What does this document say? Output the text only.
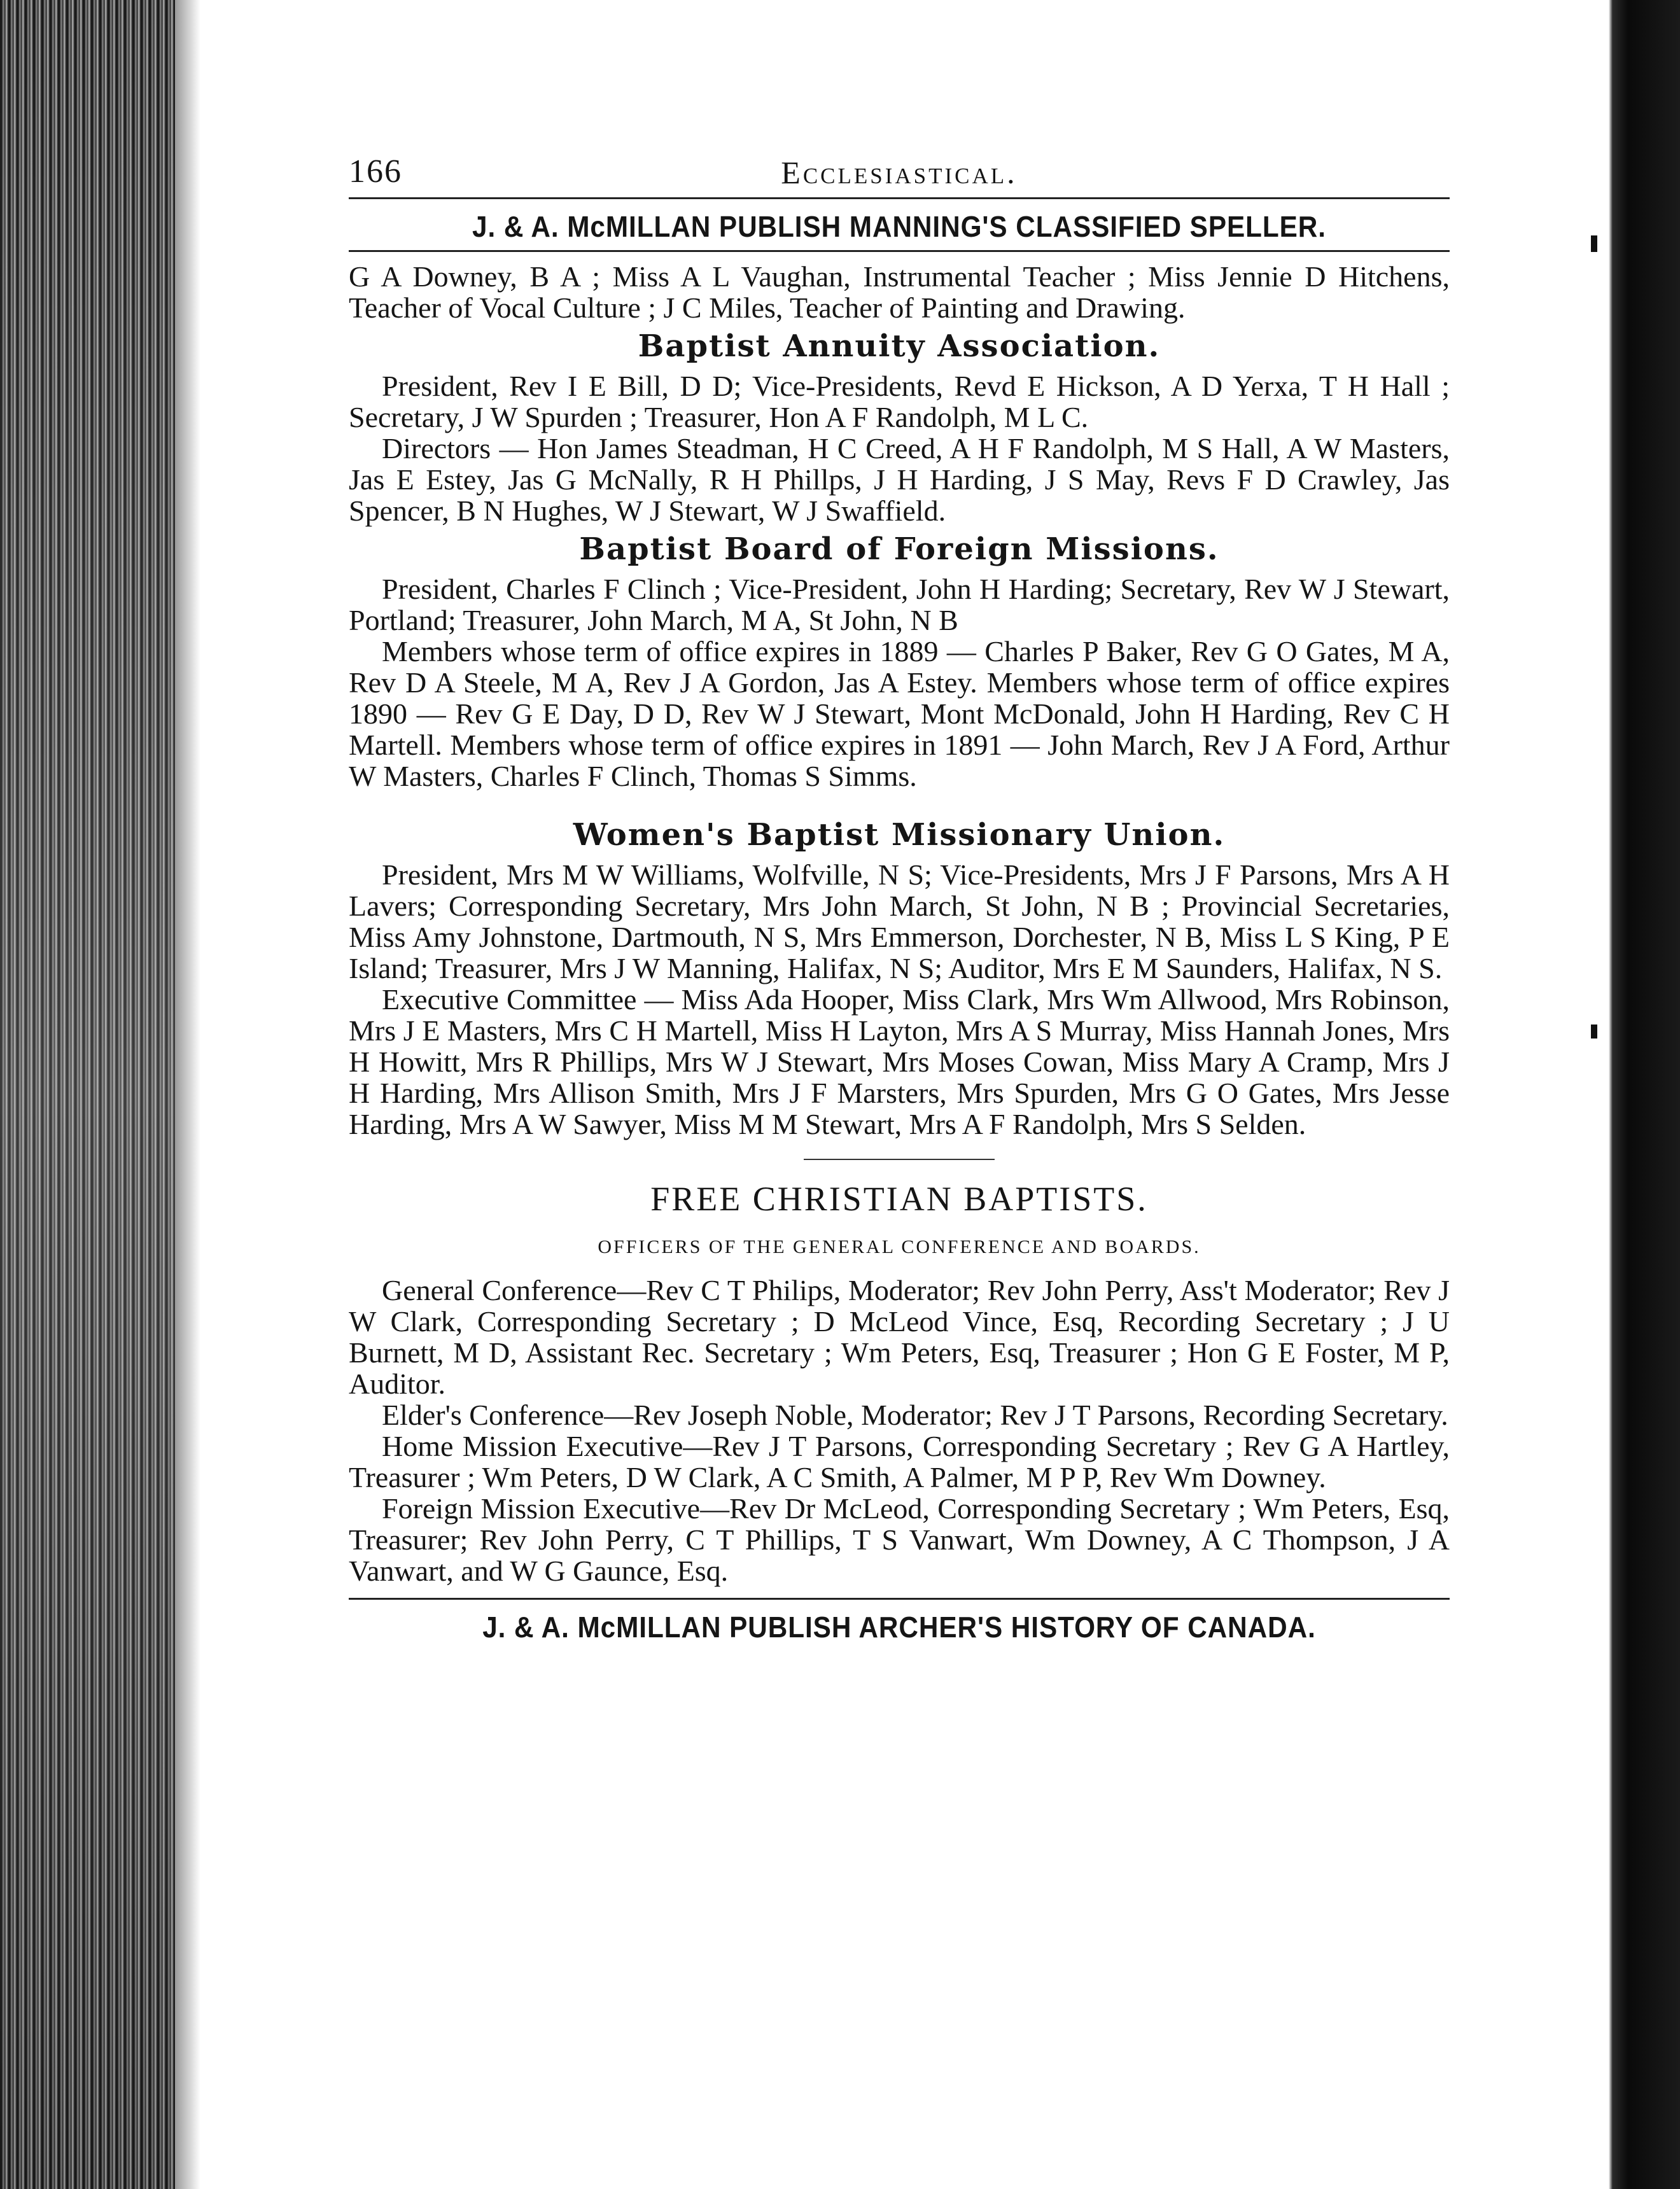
166	Ecclesiastical.
J. & A. McMILLAN PUBLISH MANNING'S CLASSIFIED SPELLER.

G A Downey, B A ; Miss A L Vaughan, Instrumental Teacher ; Miss Jennie D Hitchens, Teacher of Vocal Culture ; J C Miles, Teacher of Painting and Drawing.

Baptist Annuity Association.

President, Rev I E Bill, D D; Vice-Presidents, Revd E Hickson, A D Yerxa, T H Hall ; Secretary, J W Spurden ; Treasurer, Hon A F Randolph, M L C.

Directors — Hon James Steadman, H C Creed, A H F Randolph, M S Hall, A W Masters, Jas E Estey, Jas G McNally, R H Phillps, J H Harding, J S May, Revs F D Crawley, Jas Spencer, B N Hughes, W J Stewart, W J Swaffield.

Baptist Board of Foreign Missions.

President, Charles F Clinch ; Vice-President, John H Harding; Secretary, Rev W J Stewart, Portland; Treasurer, John March, M A, St John, N B

Members whose term of office expires in 1889 — Charles P Baker, Rev G O Gates, M A, Rev D A Steele, M A, Rev J A Gordon, Jas A Estey. Members whose term of office expires 1890 — Rev G E Day, D D, Rev W J Stewart, Mont McDonald, John H Harding, Rev C H Martell. Members whose term of office expires in 1891 — John March, Rev J A Ford, Arthur W Masters, Charles F Clinch, Thomas S Simms.

Women's Baptist Missionary Union.

President, Mrs M W Williams, Wolfville, N S; Vice-Presidents, Mrs J F Parsons, Mrs A H Lavers; Corresponding Secretary, Mrs John March, St John, N B ; Provincial Secretaries, Miss Amy Johnstone, Dartmouth, N S, Mrs Emmerson, Dorchester, N B, Miss L S King, P E Island; Treasurer, Mrs J W Manning, Halifax, N S; Auditor, Mrs E M Saunders, Halifax, N S.

Executive Committee — Miss Ada Hooper, Miss Clark, Mrs Wm Allwood, Mrs Robinson, Mrs J E Masters, Mrs C H Martell, Miss H Layton, Mrs A S Murray, Miss Hannah Jones, Mrs H Howitt, Mrs R Phillips, Mrs W J Stewart, Mrs Moses Cowan, Miss Mary A Cramp, Mrs J H Harding, Mrs Allison Smith, Mrs J F Marsters, Mrs Spurden, Mrs G O Gates, Mrs Jesse Harding, Mrs A W Sawyer, Miss M M Stewart, Mrs A F Randolph, Mrs S Selden.

FREE CHRISTIAN BAPTISTS.
OFFICERS OF THE GENERAL CONFERENCE AND BOARDS.

General Conference—Rev C T Philips, Moderator; Rev John Perry, Ass't Moderator; Rev J W Clark, Corresponding Secretary ; D McLeod Vince, Esq, Recording Secretary ; J U Burnett, M D, Assistant Rec. Secretary ; Wm Peters, Esq, Treasurer ; Hon G E Foster, M P, Auditor.

Elder's Conference—Rev Joseph Noble, Moderator; Rev J T Parsons, Recording Secretary.

Home Mission Executive—Rev J T Parsons, Corresponding Secretary ; Rev G A Hartley, Treasurer ; Wm Peters, D W Clark, A C Smith, A Palmer, M P P, Rev Wm Downey.

Foreign Mission Executive—Rev Dr McLeod, Corresponding Secretary ; Wm Peters, Esq, Treasurer; Rev John Perry, C T Phillips, T S Vanwart, Wm Downey, A C Thompson, J A Vanwart, and W G Gaunce, Esq.

J. & A. McMILLAN PUBLISH ARCHER'S HISTORY OF CANADA.
